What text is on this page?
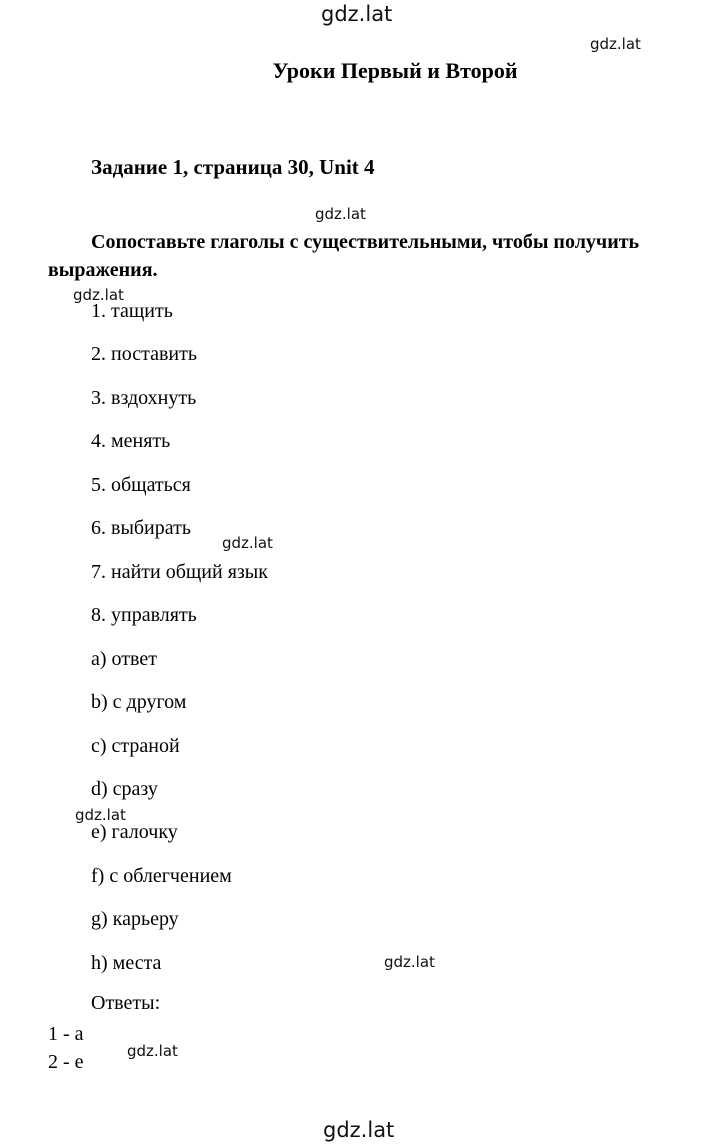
gdz.lat
gdz.lat
gdz.lat
gdz.lat
gdz.lat
gdz.lat
gdz.lat
gdz.lat
gdz.lat
Уроки Первый и Второй
Задание 1, страница 30, Unit 4
Сопоставьте глаголы с существительными, чтобы получить выражения.
1. тащить
2. поставить
3. вздохнуть
4. менять
5. общаться
6. выбирать
7. найти общий язык
8. управлять
a) ответ
b) с другом
c) страной
d) сразу
e) галочку
f) с облегчением
g) карьеру
h) места
Ответы:
1 - a
2 - e
